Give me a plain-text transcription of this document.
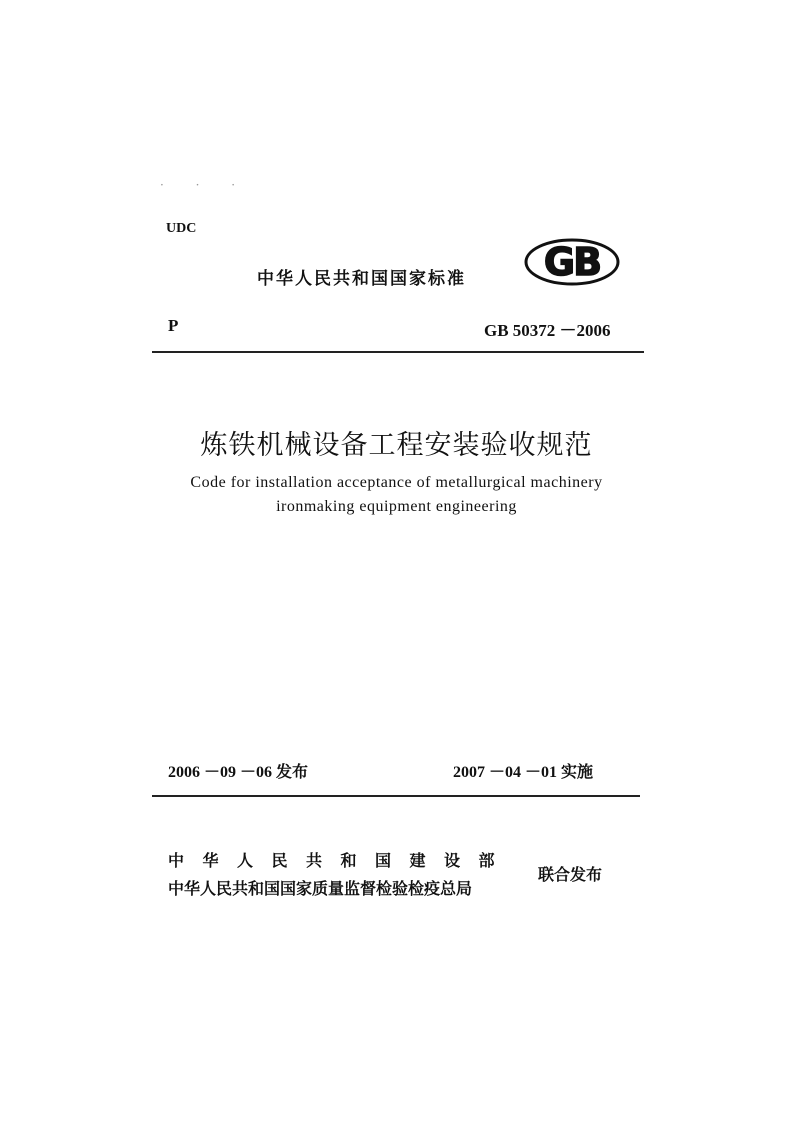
· · ·
UDC
中华人民共和国国家标准 GB
P	GB 50372 －2006
炼铁机械设备工程安装验收规范
Code for installation acceptance of metallurgical machinery
ironmaking equipment engineering
2006 －09 －06 发布	2007 －04 －01 实施
中华人民共和国建设部
中华人民共和国国家质量监督检验检疫总局
联合发布
